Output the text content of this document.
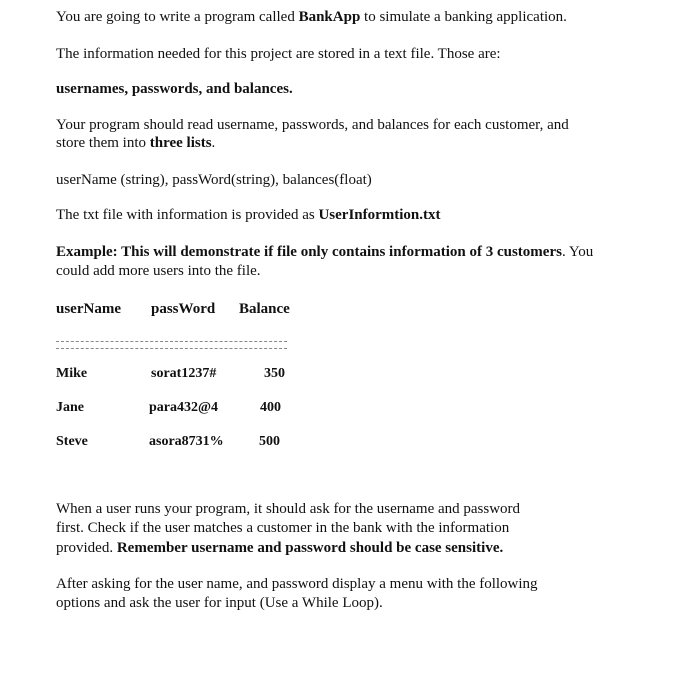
You are going to write a program called BankApp to simulate a banking application.
The information needed for this project are stored in a text file. Those are:
usernames, passwords, and balances.
Your program should read username, passwords, and balances for each customer, and
store them into three lists.
userName (string), passWord(string), balances(float)
The txt file with information is provided as UserInformtion.txt
Example: This will demonstrate if file only contains information of 3 customers. You
could add more users into the file.
userName passWord Balance
Mike	sorat1237#	350
Jane	para432@4	400
Steve	asora8731%	500
When a user runs your program, it should ask for the username and password
first. Check if the user matches a customer in the bank with the information
provided. Remember username and password should be case sensitive.
After asking for the user name, and password display a menu with the following
options and ask the user for input (Use a While Loop).
